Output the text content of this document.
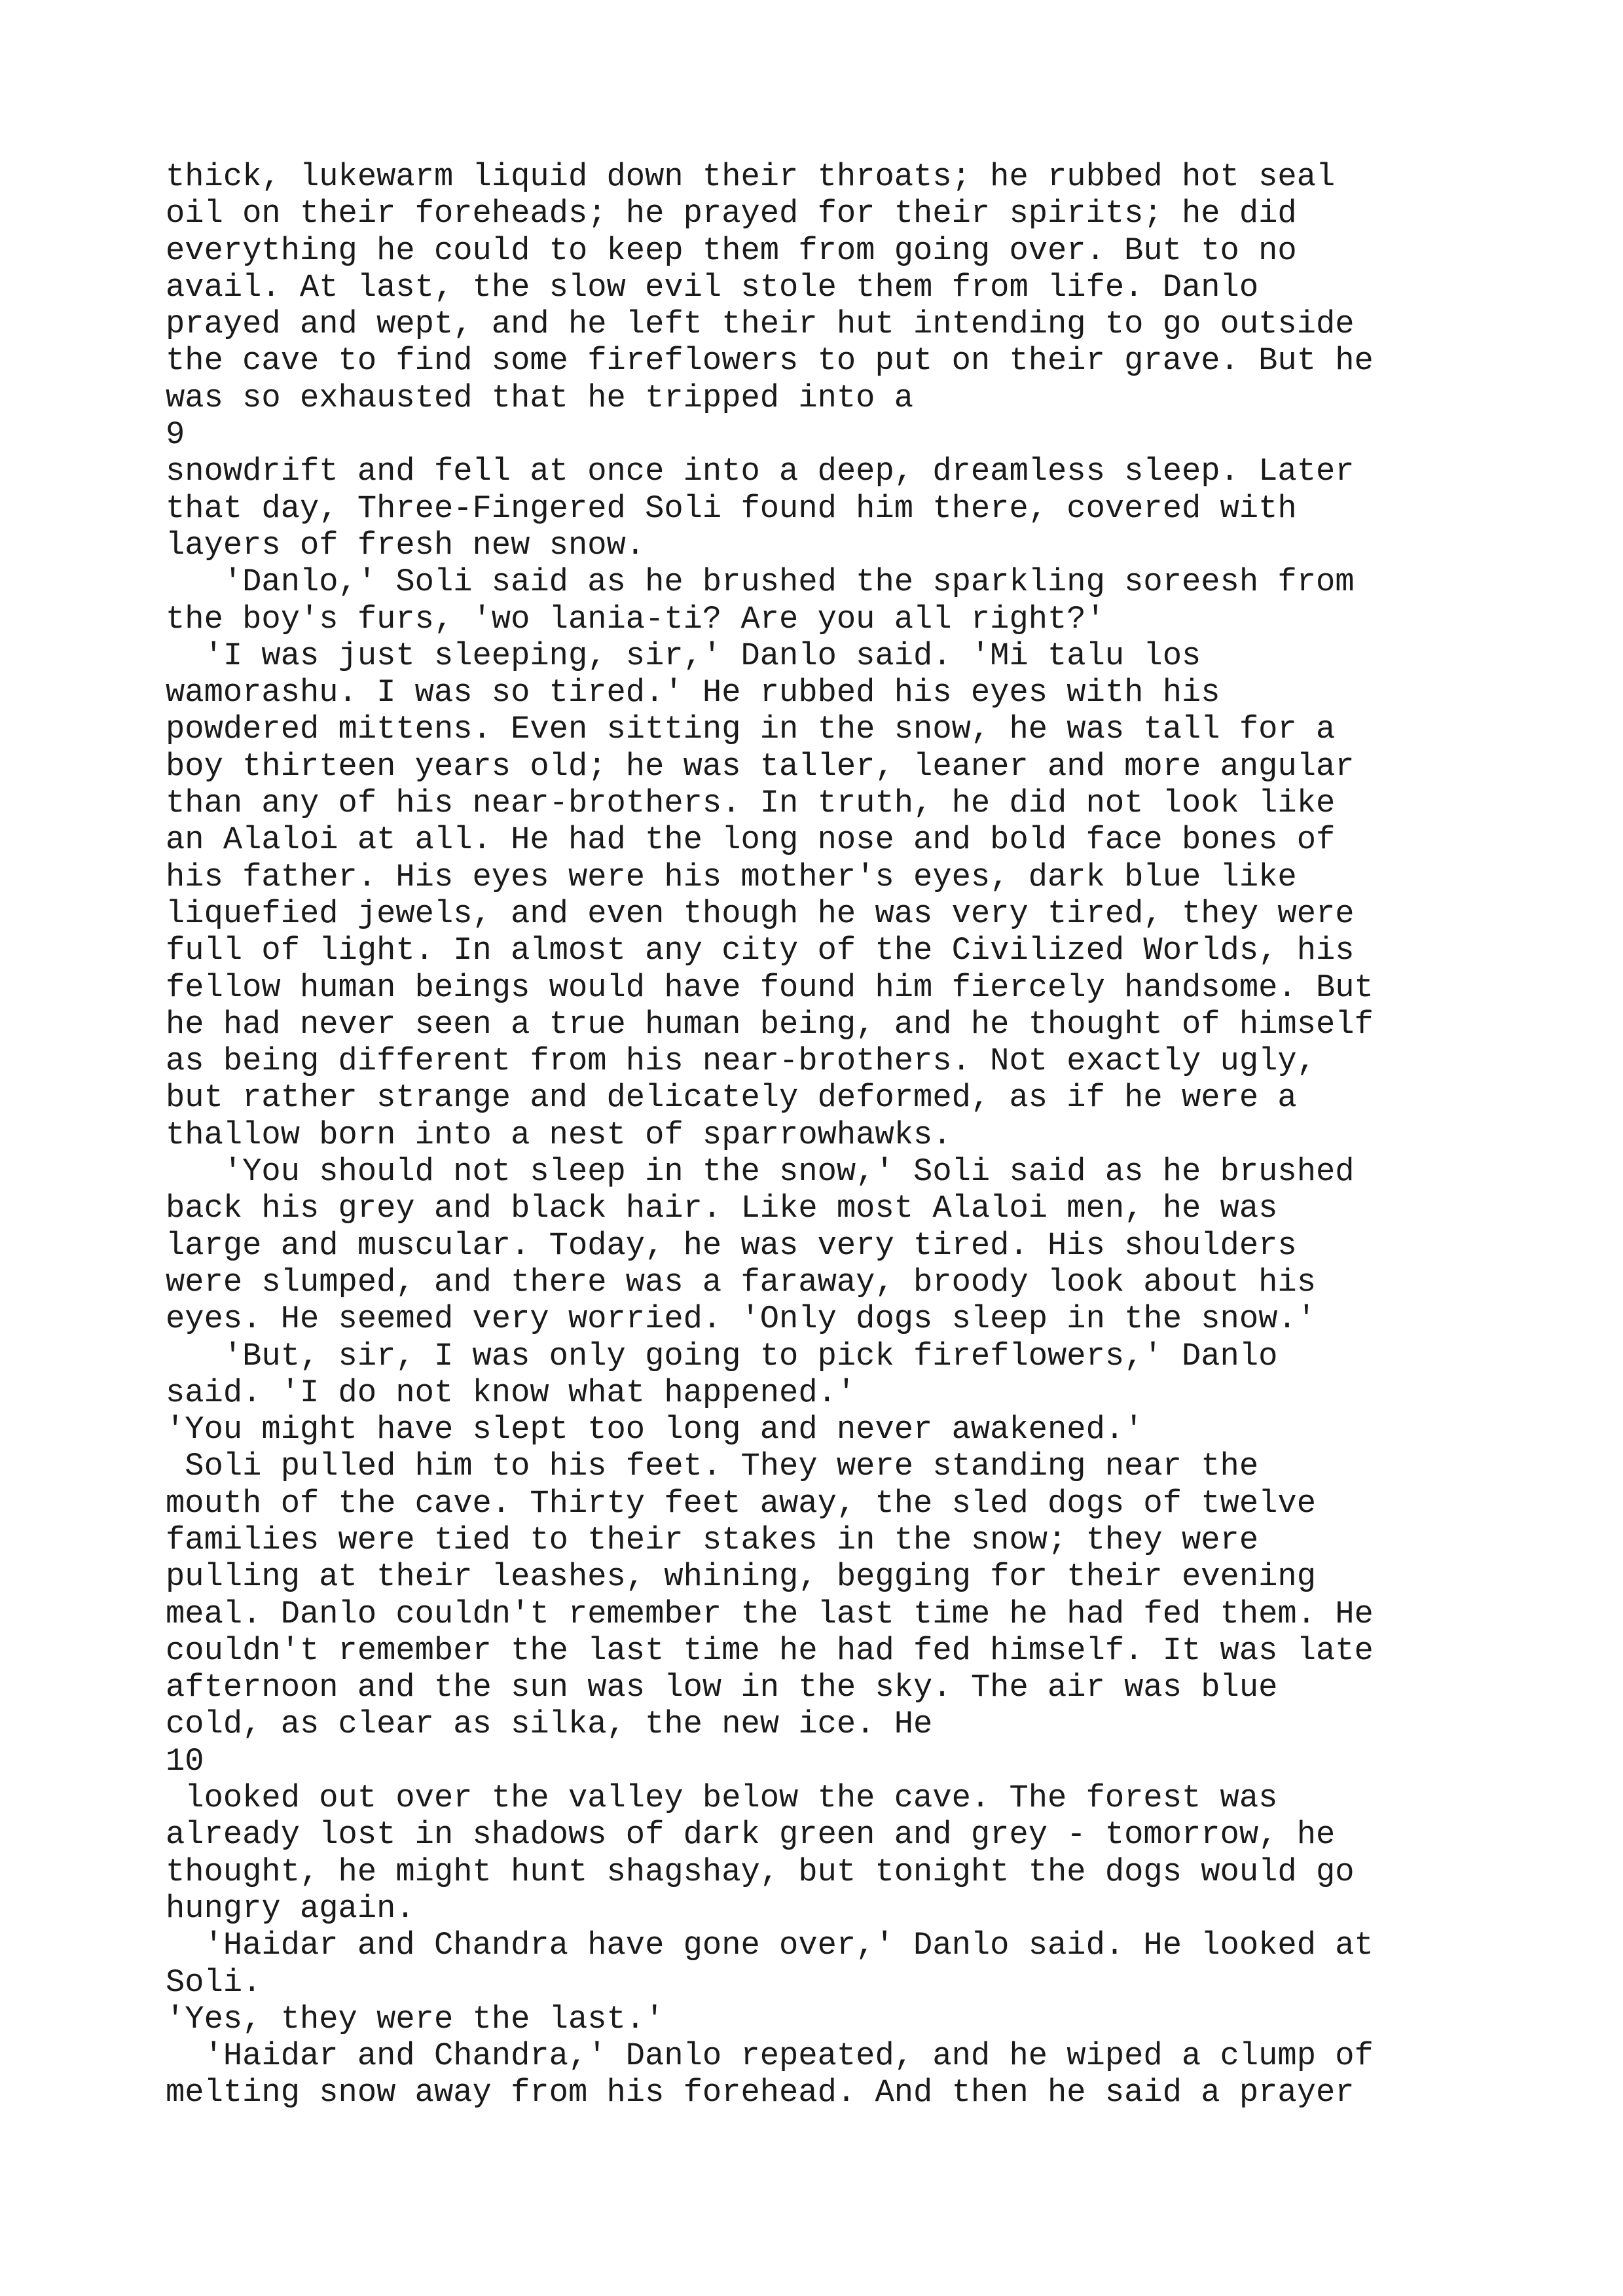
thick, lukewarm liquid down their throats; he rubbed hot seal
oil on their foreheads; he prayed for their spirits; he did
everything he could to keep them from going over. But to no
avail. At last, the slow evil stole them from life. Danlo
prayed and wept, and he left their hut intending to go outside
the cave to find some fireflowers to put on their grave. But he
was so exhausted that he tripped into a
9
snowdrift and fell at once into a deep, dreamless sleep. Later
that day, Three-Fingered Soli found him there, covered with
layers of fresh new snow.
'Danlo,' Soli said as he brushed the sparkling soreesh from
the boy's furs, 'wo lania-ti? Are you all right?'
'I was just sleeping, sir,' Danlo said. 'Mi talu los
wamorashu. I was so tired.' He rubbed his eyes with his
powdered mittens. Even sitting in the snow, he was tall for a
boy thirteen years old; he was taller, leaner and more angular
than any of his near-brothers. In truth, he did not look like
an Alaloi at all. He had the long nose and bold face bones of
his father. His eyes were his mother's eyes, dark blue like
liquefied jewels, and even though he was very tired, they were
full of light. In almost any city of the Civilized Worlds, his
fellow human beings would have found him fiercely handsome. But
he had never seen a true human being, and he thought of himself
as being different from his near-brothers. Not exactly ugly,
but rather strange and delicately deformed, as if he were a
thallow born into a nest of sparrowhawks.
'You should not sleep in the snow,' Soli said as he brushed
back his grey and black hair. Like most Alaloi men, he was
large and muscular. Today, he was very tired. His shoulders
were slumped, and there was a faraway, broody look about his
eyes. He seemed very worried. 'Only dogs sleep in the snow.'
'But, sir, I was only going to pick fireflowers,' Danlo
said. 'I do not know what happened.'
'You might have slept too long and never awakened.'
Soli pulled him to his feet. They were standing near the
mouth of the cave. Thirty feet away, the sled dogs of twelve
families were tied to their stakes in the snow; they were
pulling at their leashes, whining, begging for their evening
meal. Danlo couldn't remember the last time he had fed them. He
couldn't remember the last time he had fed himself. It was late
afternoon and the sun was low in the sky. The air was blue
cold, as clear as silka, the new ice. He
10
looked out over the valley below the cave. The forest was
already lost in shadows of dark green and grey - tomorrow, he
thought, he might hunt shagshay, but tonight the dogs would go
hungry again.
'Haidar and Chandra have gone over,' Danlo said. He looked at
Soli.
'Yes, they were the last.'
'Haidar and Chandra,' Danlo repeated, and he wiped a clump of
melting snow away from his forehead. And then he said a prayer
